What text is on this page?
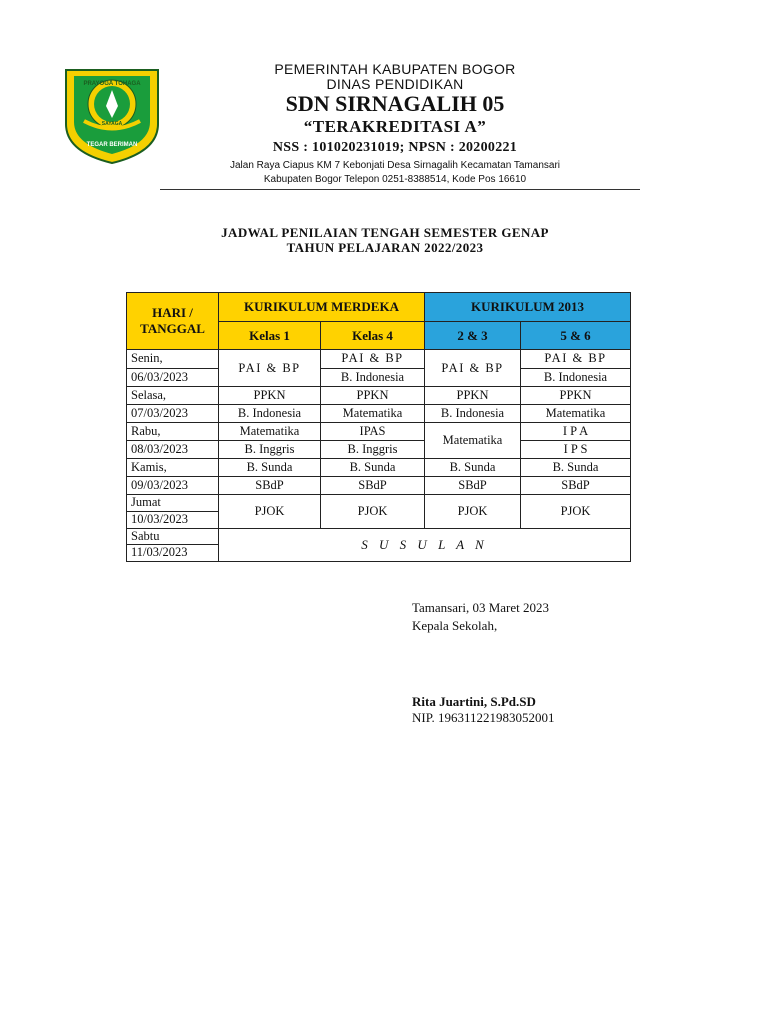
PRAYOGA TOHAGA
SAYAGA
TEGAR BERIMAN
PEMERINTAH KABUPATEN BOGOR
DINAS PENDIDIKAN
SDN SIRNAGALIH 05
“TERAKREDITASI A”
NSS : 101020231019; NPSN : 20200221
Jalan Raya Ciapus KM 7 Kebonjati Desa Sirnagalih Kecamatan Tamansari
Kabupaten Bogor Telepon 0251-8388514, Kode Pos 16610
JADWAL PENILAIAN TENGAH SEMESTER GENAP
TAHUN PELAJARAN 2022/2023
HARI / TANGGAL	KURIKULUM MERDEKA		KURIKULUM 2013	
	Kelas 1	Kelas 4	2 & 3	5 & 6
Senin,	PAI & BP	PAI & BP	PAI & BP	PAI & BP
06/03/2023		B. Indonesia		B. Indonesia
Selasa,	PPKN	PPKN	PPKN	PPKN
07/03/2023	B. Indonesia	Matematika	B. Indonesia	Matematika
Rabu,	Matematika	IPAS	Matematika	I P A
08/03/2023	B. Inggris	B. Inggris		I P S
Kamis,	B. Sunda	B. Sunda	B. Sunda	B. Sunda
09/03/2023	SBdP	SBdP	SBdP	SBdP
Jumat	PJOK	PJOK	PJOK	PJOK
10/03/2023				
Sabtu	S U S U L A N			
11/03/2023				
Tamansari, 03 Maret 2023
Kepala Sekolah,
Rita Juartini, S.Pd.SD
NIP. 196311221983052001
